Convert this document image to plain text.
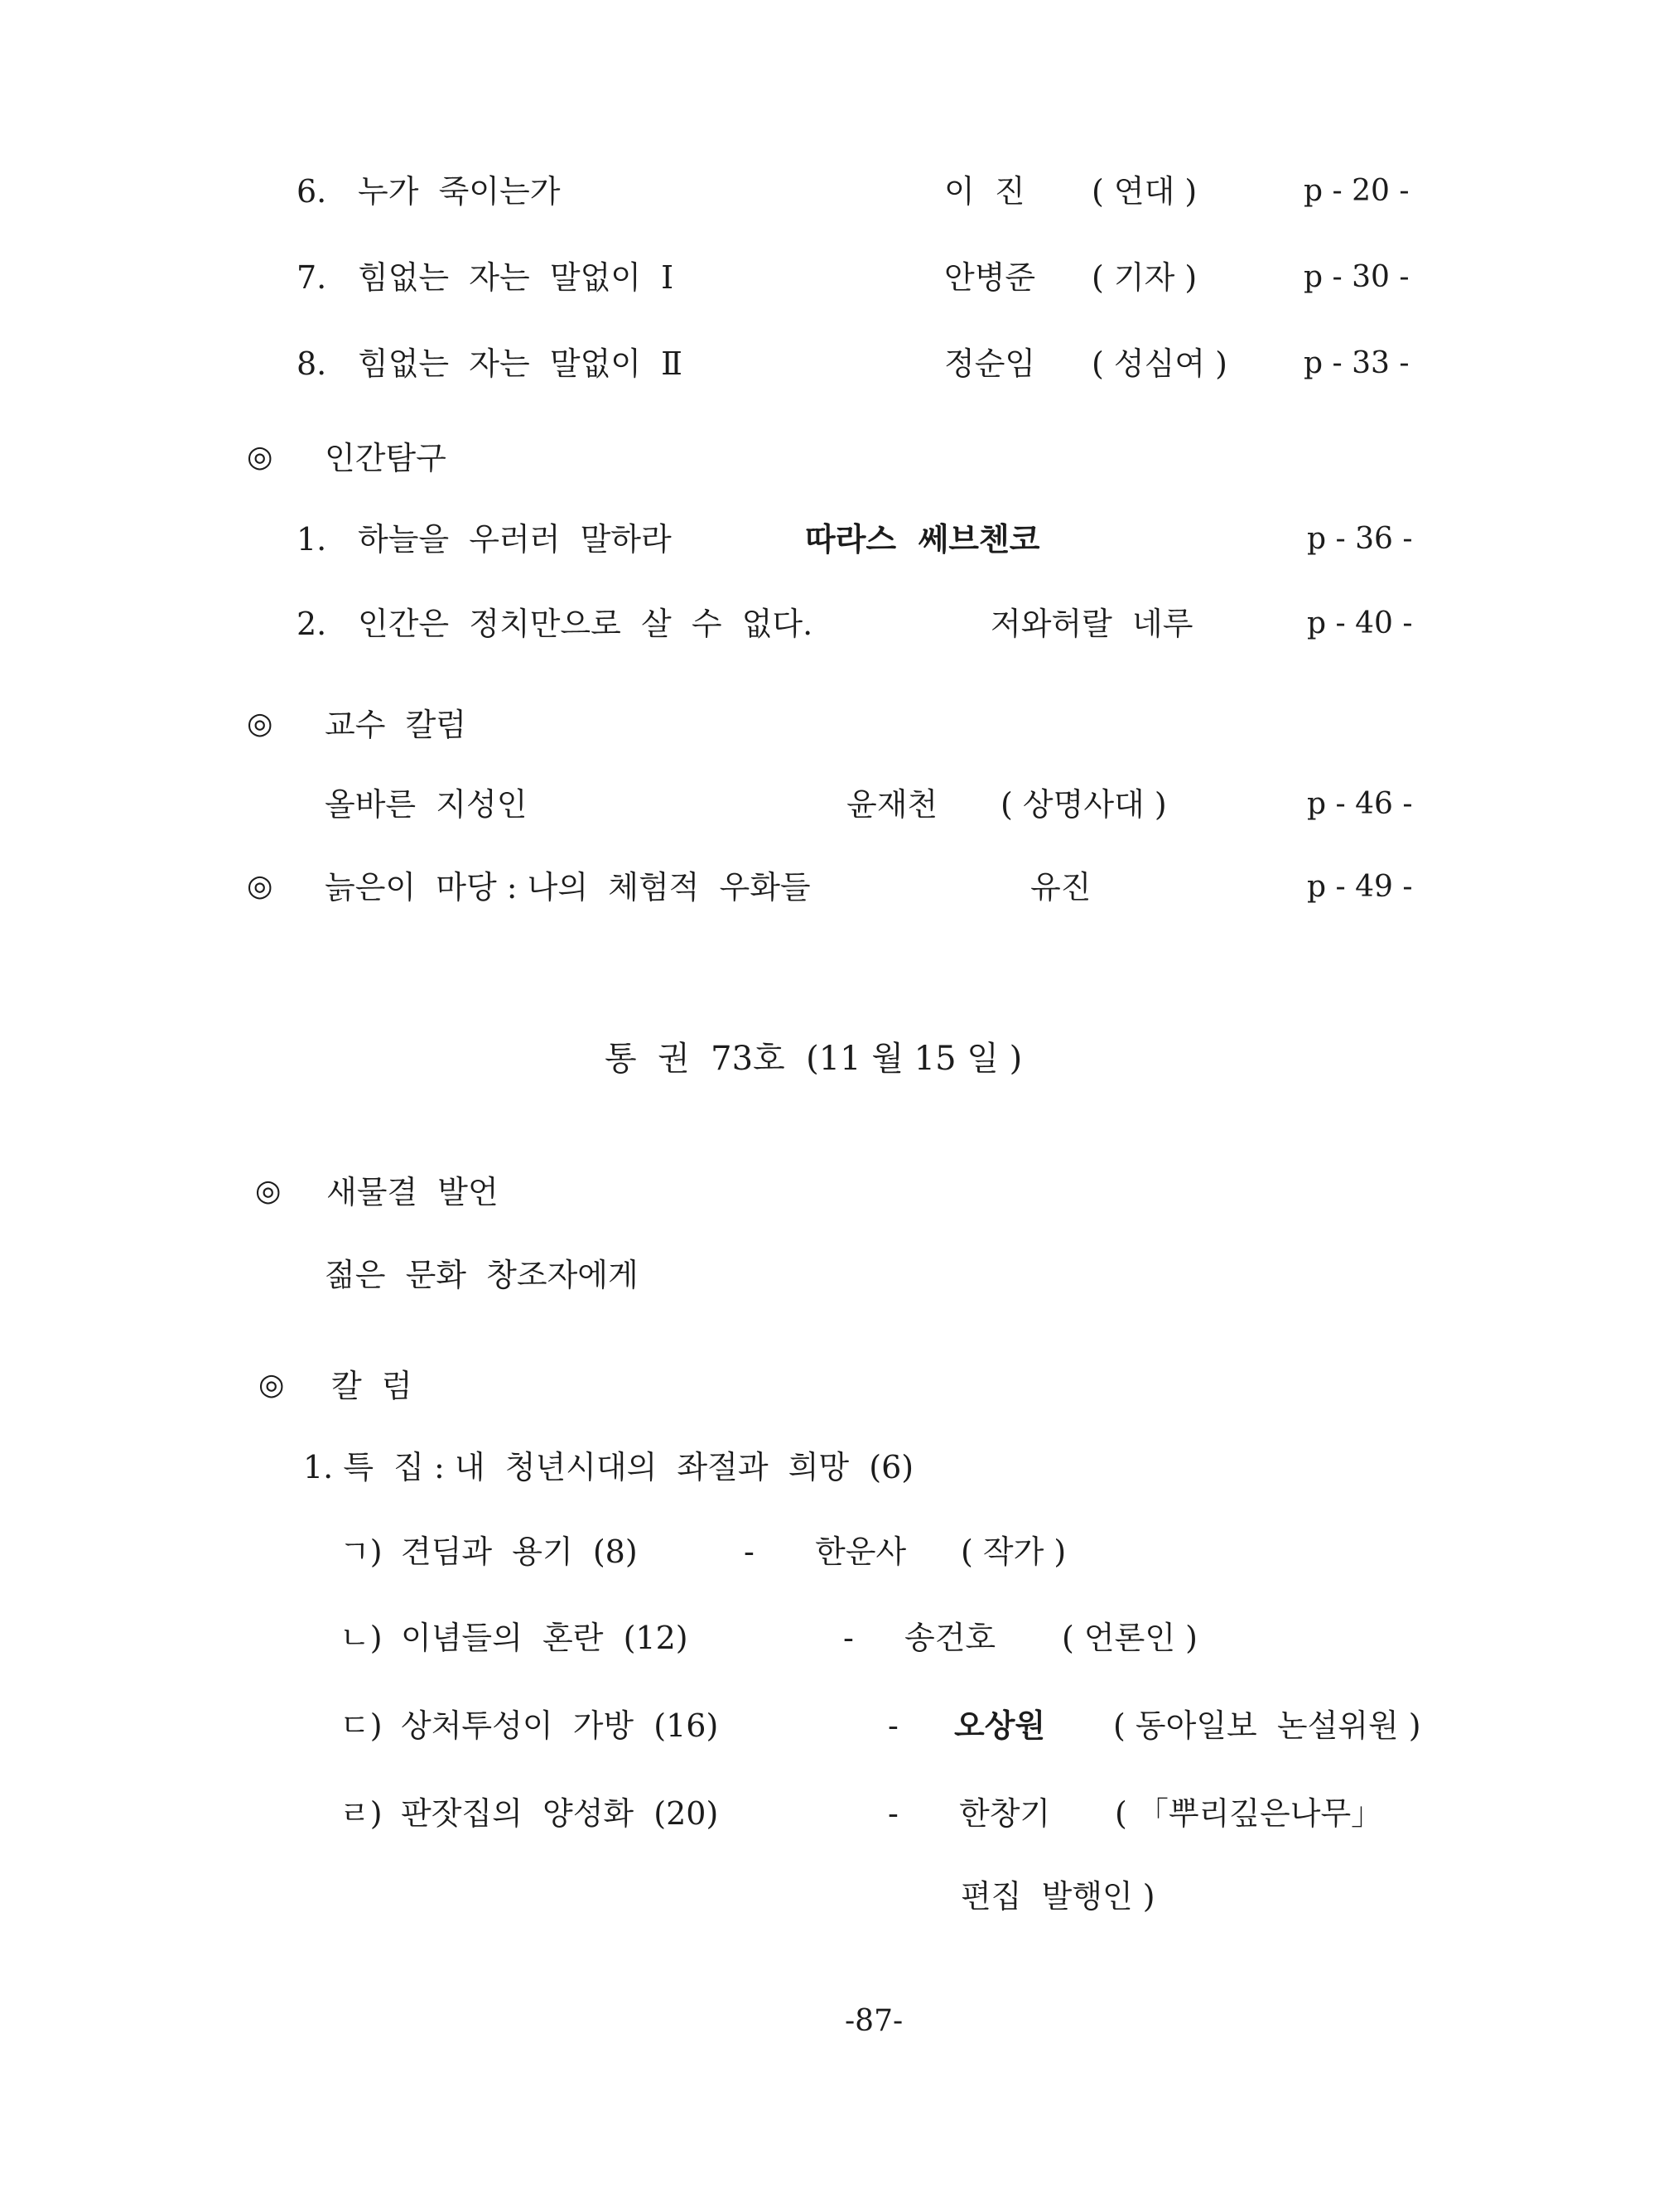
6. 누가  죽이는가	이  진 ( 연대 )	p - 20 -
7. 힘없는  자는  말없이  Ⅰ	안병준 ( 기자 )	p - 30 -
8. 힘없는  자는  말없이  Ⅱ	정순임 ( 성심여 )	p - 33 -
◎ 인간탐구
1. 하늘을  우러러  말하라	따라스  쎄브첸코	p - 36 -
2. 인간은  정치만으로  살  수  없다.	저와허랄  네루	p - 40 -
◎ 교수  칼럼
올바른  지성인	윤재천 ( 상명사대 )	p - 46 -
◎ 늙은이  마당 : 나의  체험적  우화들	유진	p - 49 -
통  권  73호  (11 월 15 일 )
◎ 새물결  발언
젊은  문화  창조자에게
◎ 칼  럼
1. 특  집 : 내  청년시대의  좌절과  희망  (6)
ㄱ) 견딤과  용기  (8)	- 한운사 ( 작가 )
ㄴ) 이념들의  혼란  (12)	- 송건호 ( 언론인 )
ㄷ) 상처투성이  가방  (16)	- 오상원 ( 동아일보  논설위원 )
ㄹ) 판잣집의  양성화  (20)	- 한창기 ( 「뿌리깊은나무」
편집  발행인 )
-87-
